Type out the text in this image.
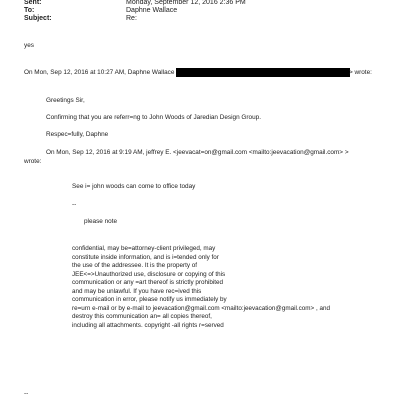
Sent:	Monday, September 12, 2016 2:36 PM
To:	Daphne Wallace
Subject:	Re:
yes
On Mon, Sep 12, 2016 at 10:27 AM, Daphne Wallace	> wrote:
Greetings Sir,
Confirming that you are referr=ng to John Woods of Jaredian Design Group.
Respec=fully, Daphne
On Mon, Sep 12, 2016 at 9:19 AM, jeffrey E. <jeevacat=on@gmail.com <mailto:jeevacation@gmail.com> >
wrote:
See i= john woods can come to office today
--
please note
confidential, may be=attorney-client privileged, may
constitute inside information, and is i=tended only for
the use of the addressee. It is the property of
JEE<=>Unauthorized use, disclosure or copying of this
communication or any =art thereof is strictly prohibited
and may be unlawful. If you have rec=ived this
communication in error, please notify us immediately by
re=urn e-mail or by e-mail to jeevacation@gmail.com <mailto:jeevacation@gmail.com> , and
destroy this communication an= all copies thereof,
including all attachments. copyright -all rights r=served
--
